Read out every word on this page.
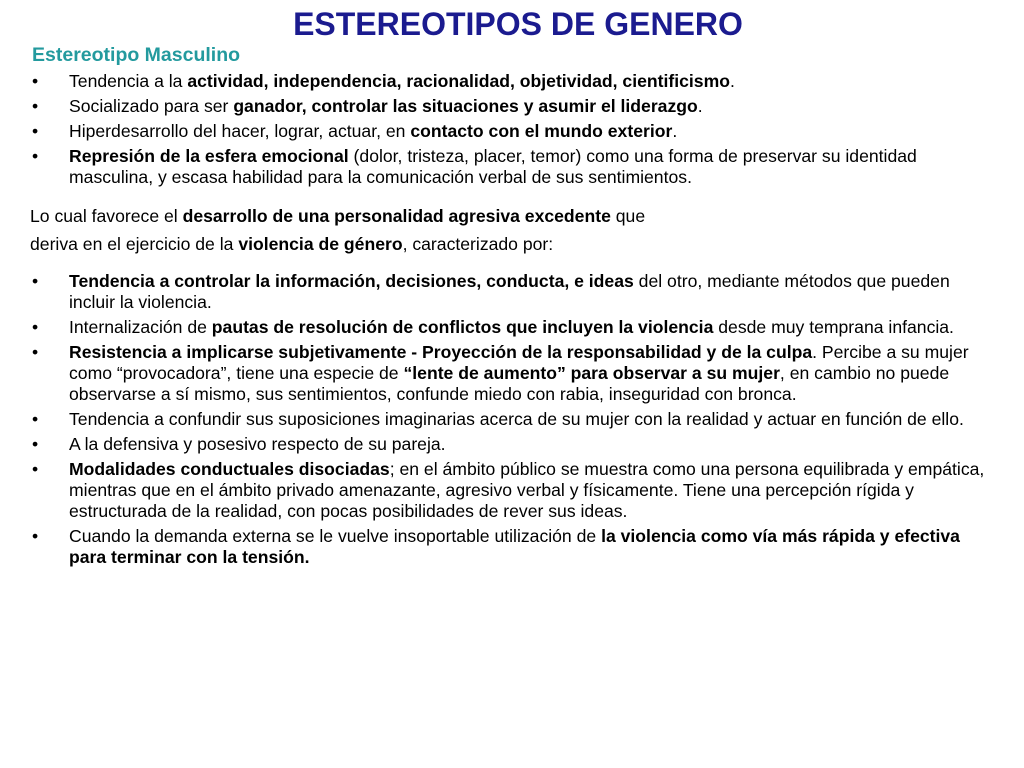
ESTEREOTIPOS DE GENERO
Estereotipo Masculino
• Tendencia a la actividad, independencia, racionalidad, objetividad, cientificismo.
• Socializado para ser ganador, controlar las situaciones y asumir el liderazgo.
• Hiperdesarrollo del hacer, lograr, actuar, en contacto con el mundo exterior.
• Represión de la esfera emocional (dolor, tristeza, placer, temor) como una forma de preservar su identidad masculina, y escasa habilidad para la comunicación verbal de sus sentimientos.

Lo cual favorece el desarrollo de una personalidad agresiva excedente que

deriva en el ejercicio de la violencia de género, caracterizado por:

• Tendencia a controlar la información, decisiones, conducta, e ideas del otro, mediante métodos que pueden incluir la violencia.
• Internalización de pautas de resolución de conflictos que incluyen la violencia desde muy temprana infancia.
• Resistencia a implicarse subjetivamente - Proyección de la responsabilidad y de la culpa. Percibe a su mujer como “provocadora”, tiene una especie de “lente de aumento” para observar a su mujer, en cambio no puede observarse a sí mismo, sus sentimientos, confunde miedo con rabia, inseguridad con bronca.
• Tendencia a confundir sus suposiciones imaginarias acerca de su mujer con la realidad y actuar en función de ello.
• A la defensiva y posesivo respecto de su pareja.
• Modalidades conductuales disociadas; en el ámbito público se muestra como una persona equilibrada y empática, mientras que en el ámbito privado amenazante, agresivo verbal y físicamente. Tiene una percepción rígida y estructurada de la realidad, con pocas posibilidades de rever sus ideas.
• Cuando la demanda externa se le vuelve insoportable utilización de la violencia como vía más rápida y efectiva para terminar con la tensión.
